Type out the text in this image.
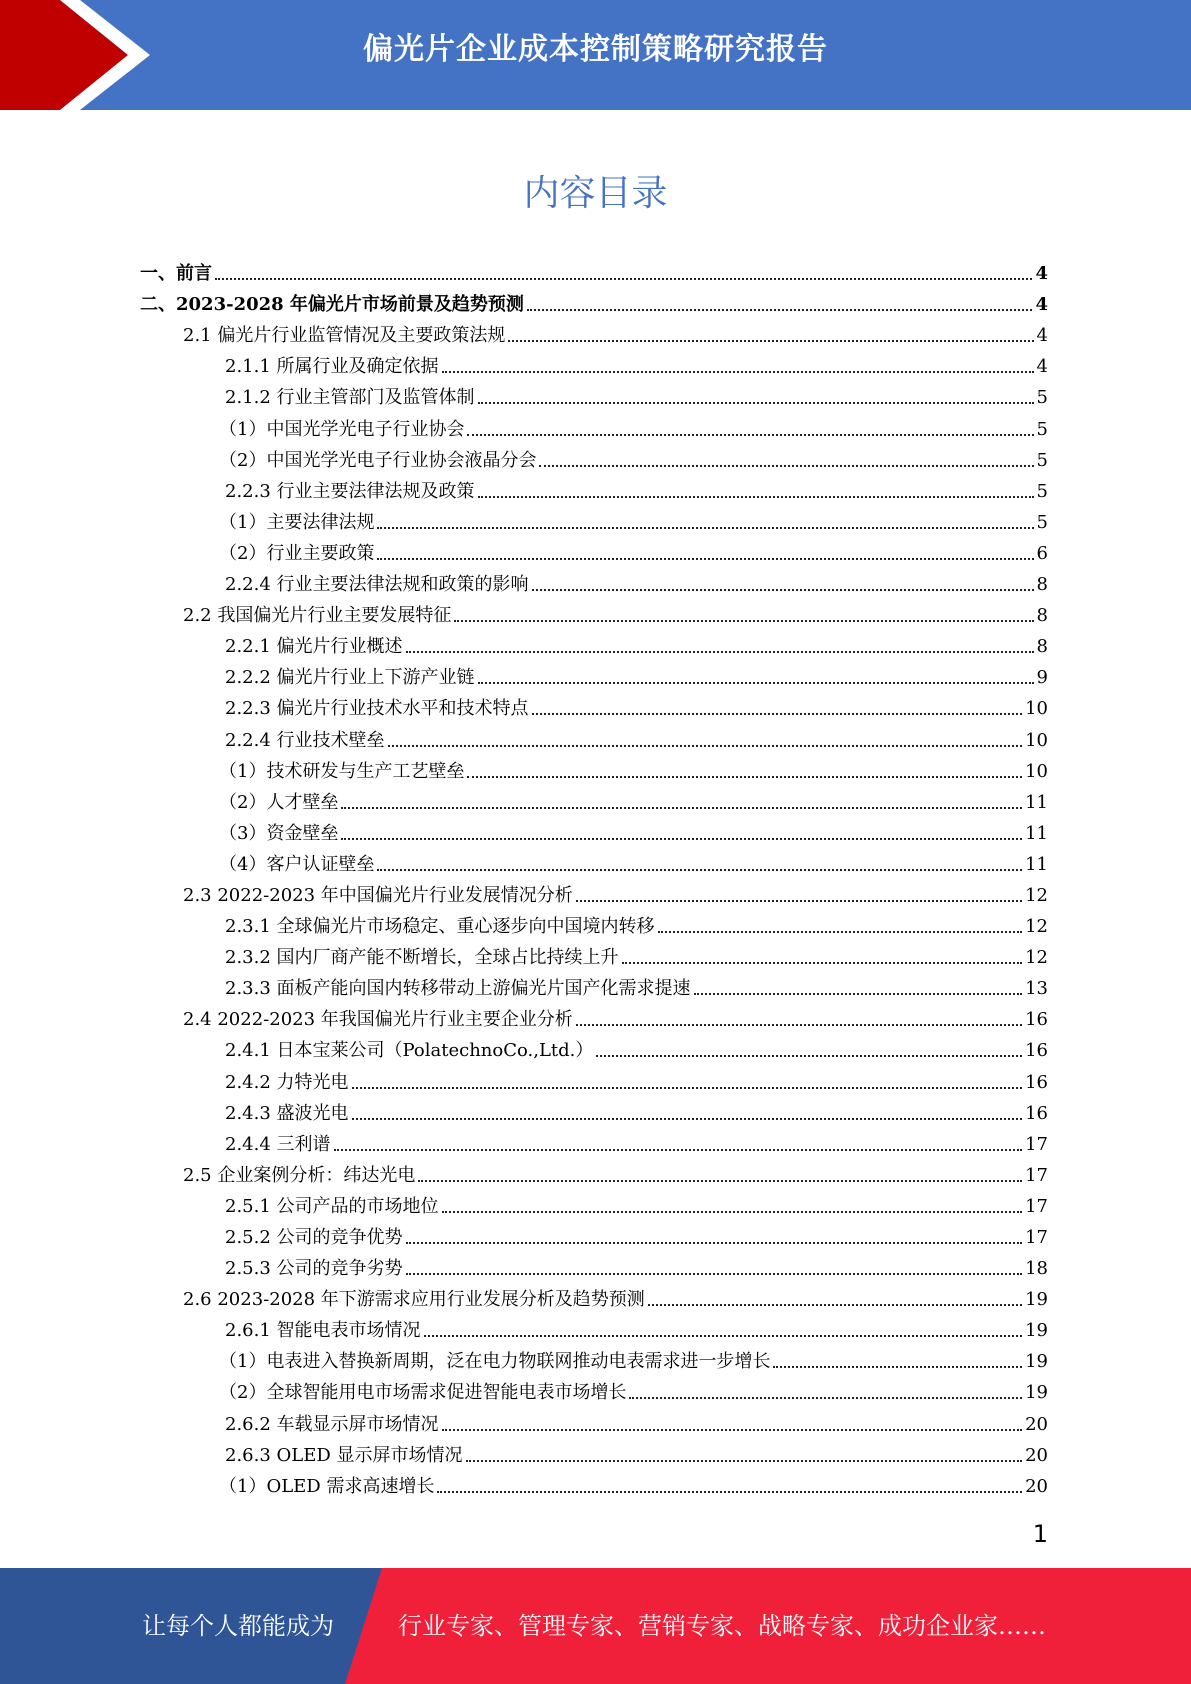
偏光片企业成本控制策略研究报告
内容目录
一、前言	4
二、2023-2028 年偏光片市场前景及趋势预测	4
2.1 偏光片行业监管情况及主要政策法规	4
2.1.1 所属行业及确定依据	4
2.1.2 行业主管部门及监管体制	5
（1）中国光学光电子行业协会	5
（2）中国光学光电子行业协会液晶分会	5
2.2.3 行业主要法律法规及政策	5
（1）主要法律法规	5
（2）行业主要政策	6
2.2.4 行业主要法律法规和政策的影响	8
2.2 我国偏光片行业主要发展特征	8
2.2.1 偏光片行业概述	8
2.2.2 偏光片行业上下游产业链	9
2.2.3 偏光片行业技术水平和技术特点	10
2.2.4 行业技术壁垒	10
（1）技术研发与生产工艺壁垒	10
（2）人才壁垒	11
（3）资金壁垒	11
（4）客户认证壁垒	11
2.3 2022-2023 年中国偏光片行业发展情况分析	12
2.3.1 全球偏光片市场稳定、重心逐步向中国境内转移	12
2.3.2 国内厂商产能不断增长，全球占比持续上升	12
2.3.3 面板产能向国内转移带动上游偏光片国产化需求提速	13
2.4 2022-2023 年我国偏光片行业主要企业分析	16
2.4.1 日本宝莱公司（PolatechnoCo.,Ltd.）	16
2.4.2 力特光电	16
2.4.3 盛波光电	16
2.4.4 三利谱	17
2.5 企业案例分析：纬达光电	17
2.5.1 公司产品的市场地位	17
2.5.2 公司的竞争优势	17
2.5.3 公司的竞争劣势	18
2.6 2023-2028 年下游需求应用行业发展分析及趋势预测	19
2.6.1 智能电表市场情况	19
（1）电表进入替换新周期，泛在电力物联网推动电表需求进一步增长	19
（2）全球智能用电市场需求促进智能电表市场增长	19
2.6.2 车载显示屏市场情况	20
2.6.3 OLED 显示屏市场情况	20
（1）OLED 需求高速增长	20
1
让每个人都能成为	行业专家、管理专家、营销专家、战略专家、成功企业家……
